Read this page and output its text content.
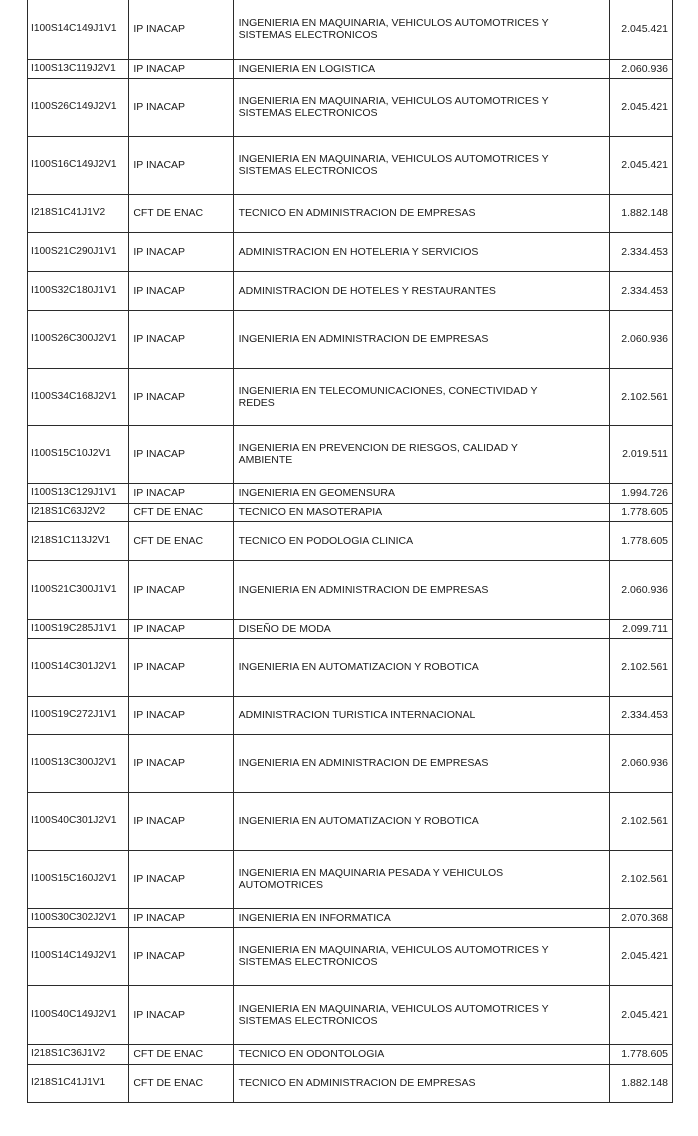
I100S14C149J1V1	IP INACAP	INGENIERIA EN MAQUINARIA, VEHICULOS AUTOMOTRICES Y SISTEMAS ELECTRONICOS	2.045.421
I100S13C119J2V1	IP INACAP	INGENIERIA EN LOGISTICA	2.060.936
I100S26C149J2V1	IP INACAP	INGENIERIA EN MAQUINARIA, VEHICULOS AUTOMOTRICES Y SISTEMAS ELECTRONICOS	2.045.421
I100S16C149J2V1	IP INACAP	INGENIERIA EN MAQUINARIA, VEHICULOS AUTOMOTRICES Y SISTEMAS ELECTRONICOS	2.045.421
I218S1C41J1V2	CFT DE ENAC	TECNICO EN ADMINISTRACION DE EMPRESAS	1.882.148
I100S21C290J1V1	IP INACAP	ADMINISTRACION EN HOTELERIA Y SERVICIOS	2.334.453
I100S32C180J1V1	IP INACAP	ADMINISTRACION DE HOTELES Y RESTAURANTES	2.334.453
I100S26C300J2V1	IP INACAP	INGENIERIA EN ADMINISTRACION DE EMPRESAS	2.060.936
I100S34C168J2V1	IP INACAP	INGENIERIA EN TELECOMUNICACIONES, CONECTIVIDAD Y REDES	2.102.561
I100S15C10J2V1	IP INACAP	INGENIERIA EN PREVENCION DE RIESGOS, CALIDAD Y AMBIENTE	2.019.511
I100S13C129J1V1	IP INACAP	INGENIERIA EN GEOMENSURA	1.994.726
I218S1C63J2V2	CFT DE ENAC	TECNICO EN MASOTERAPIA	1.778.605
I218S1C113J2V1	CFT DE ENAC	TECNICO EN PODOLOGIA CLINICA	1.778.605
I100S21C300J1V1	IP INACAP	INGENIERIA EN ADMINISTRACION DE EMPRESAS	2.060.936
I100S19C285J1V1	IP INACAP	DISEÑO DE MODA	2.099.711
I100S14C301J2V1	IP INACAP	INGENIERIA EN AUTOMATIZACION Y ROBOTICA	2.102.561
I100S19C272J1V1	IP INACAP	ADMINISTRACION TURISTICA INTERNACIONAL	2.334.453
I100S13C300J2V1	IP INACAP	INGENIERIA EN ADMINISTRACION DE EMPRESAS	2.060.936
I100S40C301J2V1	IP INACAP	INGENIERIA EN AUTOMATIZACION Y ROBOTICA	2.102.561
I100S15C160J2V1	IP INACAP	INGENIERIA EN MAQUINARIA PESADA Y VEHICULOS AUTOMOTRICES	2.102.561
I100S30C302J2V1	IP INACAP	INGENIERIA EN INFORMATICA	2.070.368
I100S14C149J2V1	IP INACAP	INGENIERIA EN MAQUINARIA, VEHICULOS AUTOMOTRICES Y SISTEMAS ELECTRONICOS	2.045.421
I100S40C149J2V1	IP INACAP	INGENIERIA EN MAQUINARIA, VEHICULOS AUTOMOTRICES Y SISTEMAS ELECTRONICOS	2.045.421
I218S1C36J1V2	CFT DE ENAC	TECNICO EN ODONTOLOGIA	1.778.605
I218S1C41J1V1	CFT DE ENAC	TECNICO EN ADMINISTRACION DE EMPRESAS	1.882.148
